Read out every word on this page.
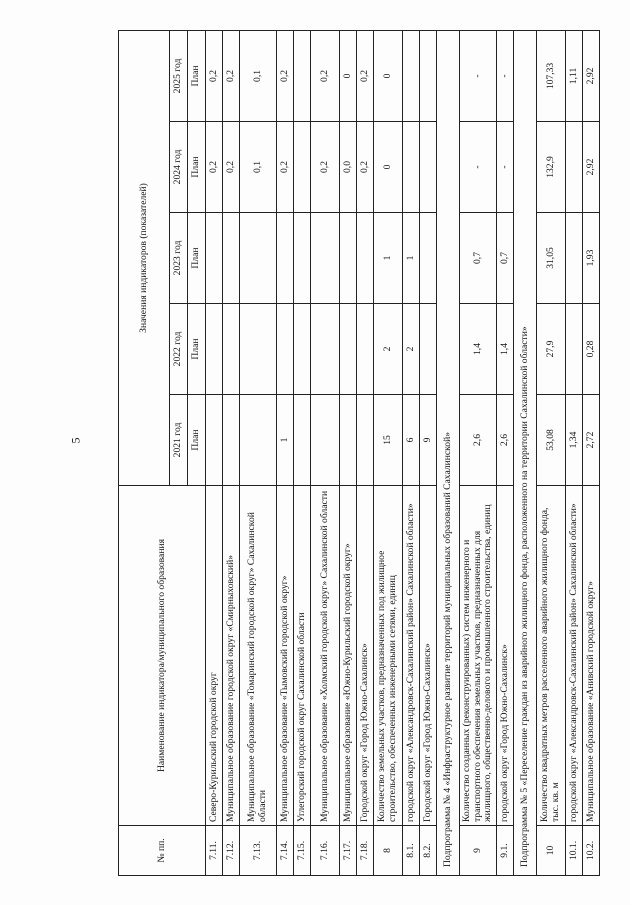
5
№ пп.	Наименование индикатора/муниципального образования	Значения индикаторов (показателей)				
		2021 год	2022 год	2023 год	2024 год	2025 год
		План	План	План	План	План
7.11.	Северо-Курильский городской округ				0,2	0,2
7.12.	Муниципальное образование городской округ «Смирныховский»				0,2	0,2
7.13.	Муниципальное образование «Томаринский городской округ» Сахалинской области				0,1	0,1
7.14.	Муниципальное образование «Тымовский городской округ»	1			0,2	0,2
7.15.	Углегорский городской округ Сахалинской области					
7.16.	Муниципальное образование «Холмский городской округ» Сахалинской области				0,2	0,2
7.17.	Муниципальное образование «Южно-Курильский городской округ»				0,0	0
7.18.	Городской округ «Город Южно-Сахалинск»				0,2	0,2
8	Количество земельных участков, предназначенных под жилищное строительство, обеспеченных инженерными сетями, единиц	15	2	1	0	0
8.1.	городской округ «Александровск-Сахалинский район» Сахалинской области»	6	2	1		
8.2.	Городской округ «Город Южно-Сахалинск»	9				
Подпрограмма № 4 «Инфраструктурное развитие территорий муниципальных образований Сахалинской»						
9	Количество созданных (реконструированных) систем инженерного и транспортного обеспечения земельных участков, предназначенных для жилищного, общественно-делового и промышленного строительства, единиц	2,6	1,4	0,7	-	-
9.1.	городской округ «Город Южно-Сахалинск»	2,6	1,4	0,7	-	-
Подпрограмма № 5 «Переселение граждан из аварийного жилищного фонда, расположенного на территории Сахалинской области»						
10	Количество квадратных метров расселенного аварийного жилищного фонда, тыс. кв. м	53,08	27,9	31,05	132,9	107,33
10.1.	городской округ «Александровск-Сахалинский район» Сахалинской области»	1,34				1,11
10.2.	Муниципальное образование «Анивский городской округ»	2,72	0,28	1,93	2,92	2,92
